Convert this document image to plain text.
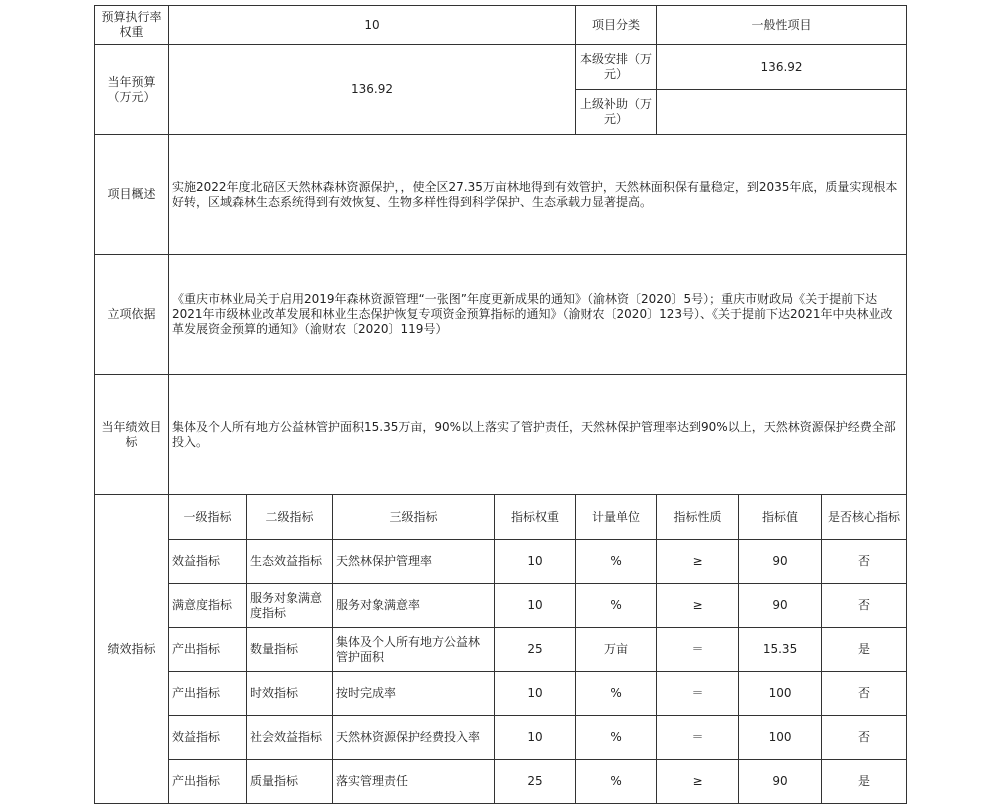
预算执行率权重	10				项目分类	一般性项目		
当年预算（万元）	136.92				本级安排（万元）	136.92		
					上级补助（万元）			
项目概述	实施2022年度北碚区天然林森林资源保护，，使全区27.35万亩林地得到有效管护，天然林面积保有量稳定，到2035年底，质量实现根本好转，区域森林生态系统得到有效恢复、生物多样性得到科学保护、生态承载力显著提高。							
立项依据	《重庆市林业局关于启用2019年森林资源管理“一张图”年度更新成果的通知》（渝林资〔2020〕5号）；重庆市财政局《关于提前下达2021年市级林业改革发展和林业生态保护恢复专项资金预算指标的通知》（渝财农〔2020〕123号）、《关于提前下达2021年中央林业改革发展资金预算的通知》（渝财农〔2020〕119号）							
当年绩效目标	集体及个人所有地方公益林管护面积15.35万亩，90%以上落实了管护责任，天然林保护管理率达到90%以上，天然林资源保护经费全部投入。							
绩效指标	一级指标	二级指标	三级指标	指标权重	计量单位	指标性质	指标值	是否核心指标
	效益指标	生态效益指标	天然林保护管理率	10	%	≥	90	否
	满意度指标	服务对象满意度指标	服务对象满意率	10	%	≥	90	否
	产出指标	数量指标	集体及个人所有地方公益林管护面积	25	万亩	＝	15.35	是
	产出指标	时效指标	按时完成率	10	%	＝	100	否
	效益指标	社会效益指标	天然林资源保护经费投入率	10	%	＝	100	否
	产出指标	质量指标	落实管理责任	25	%	≥	90	是
